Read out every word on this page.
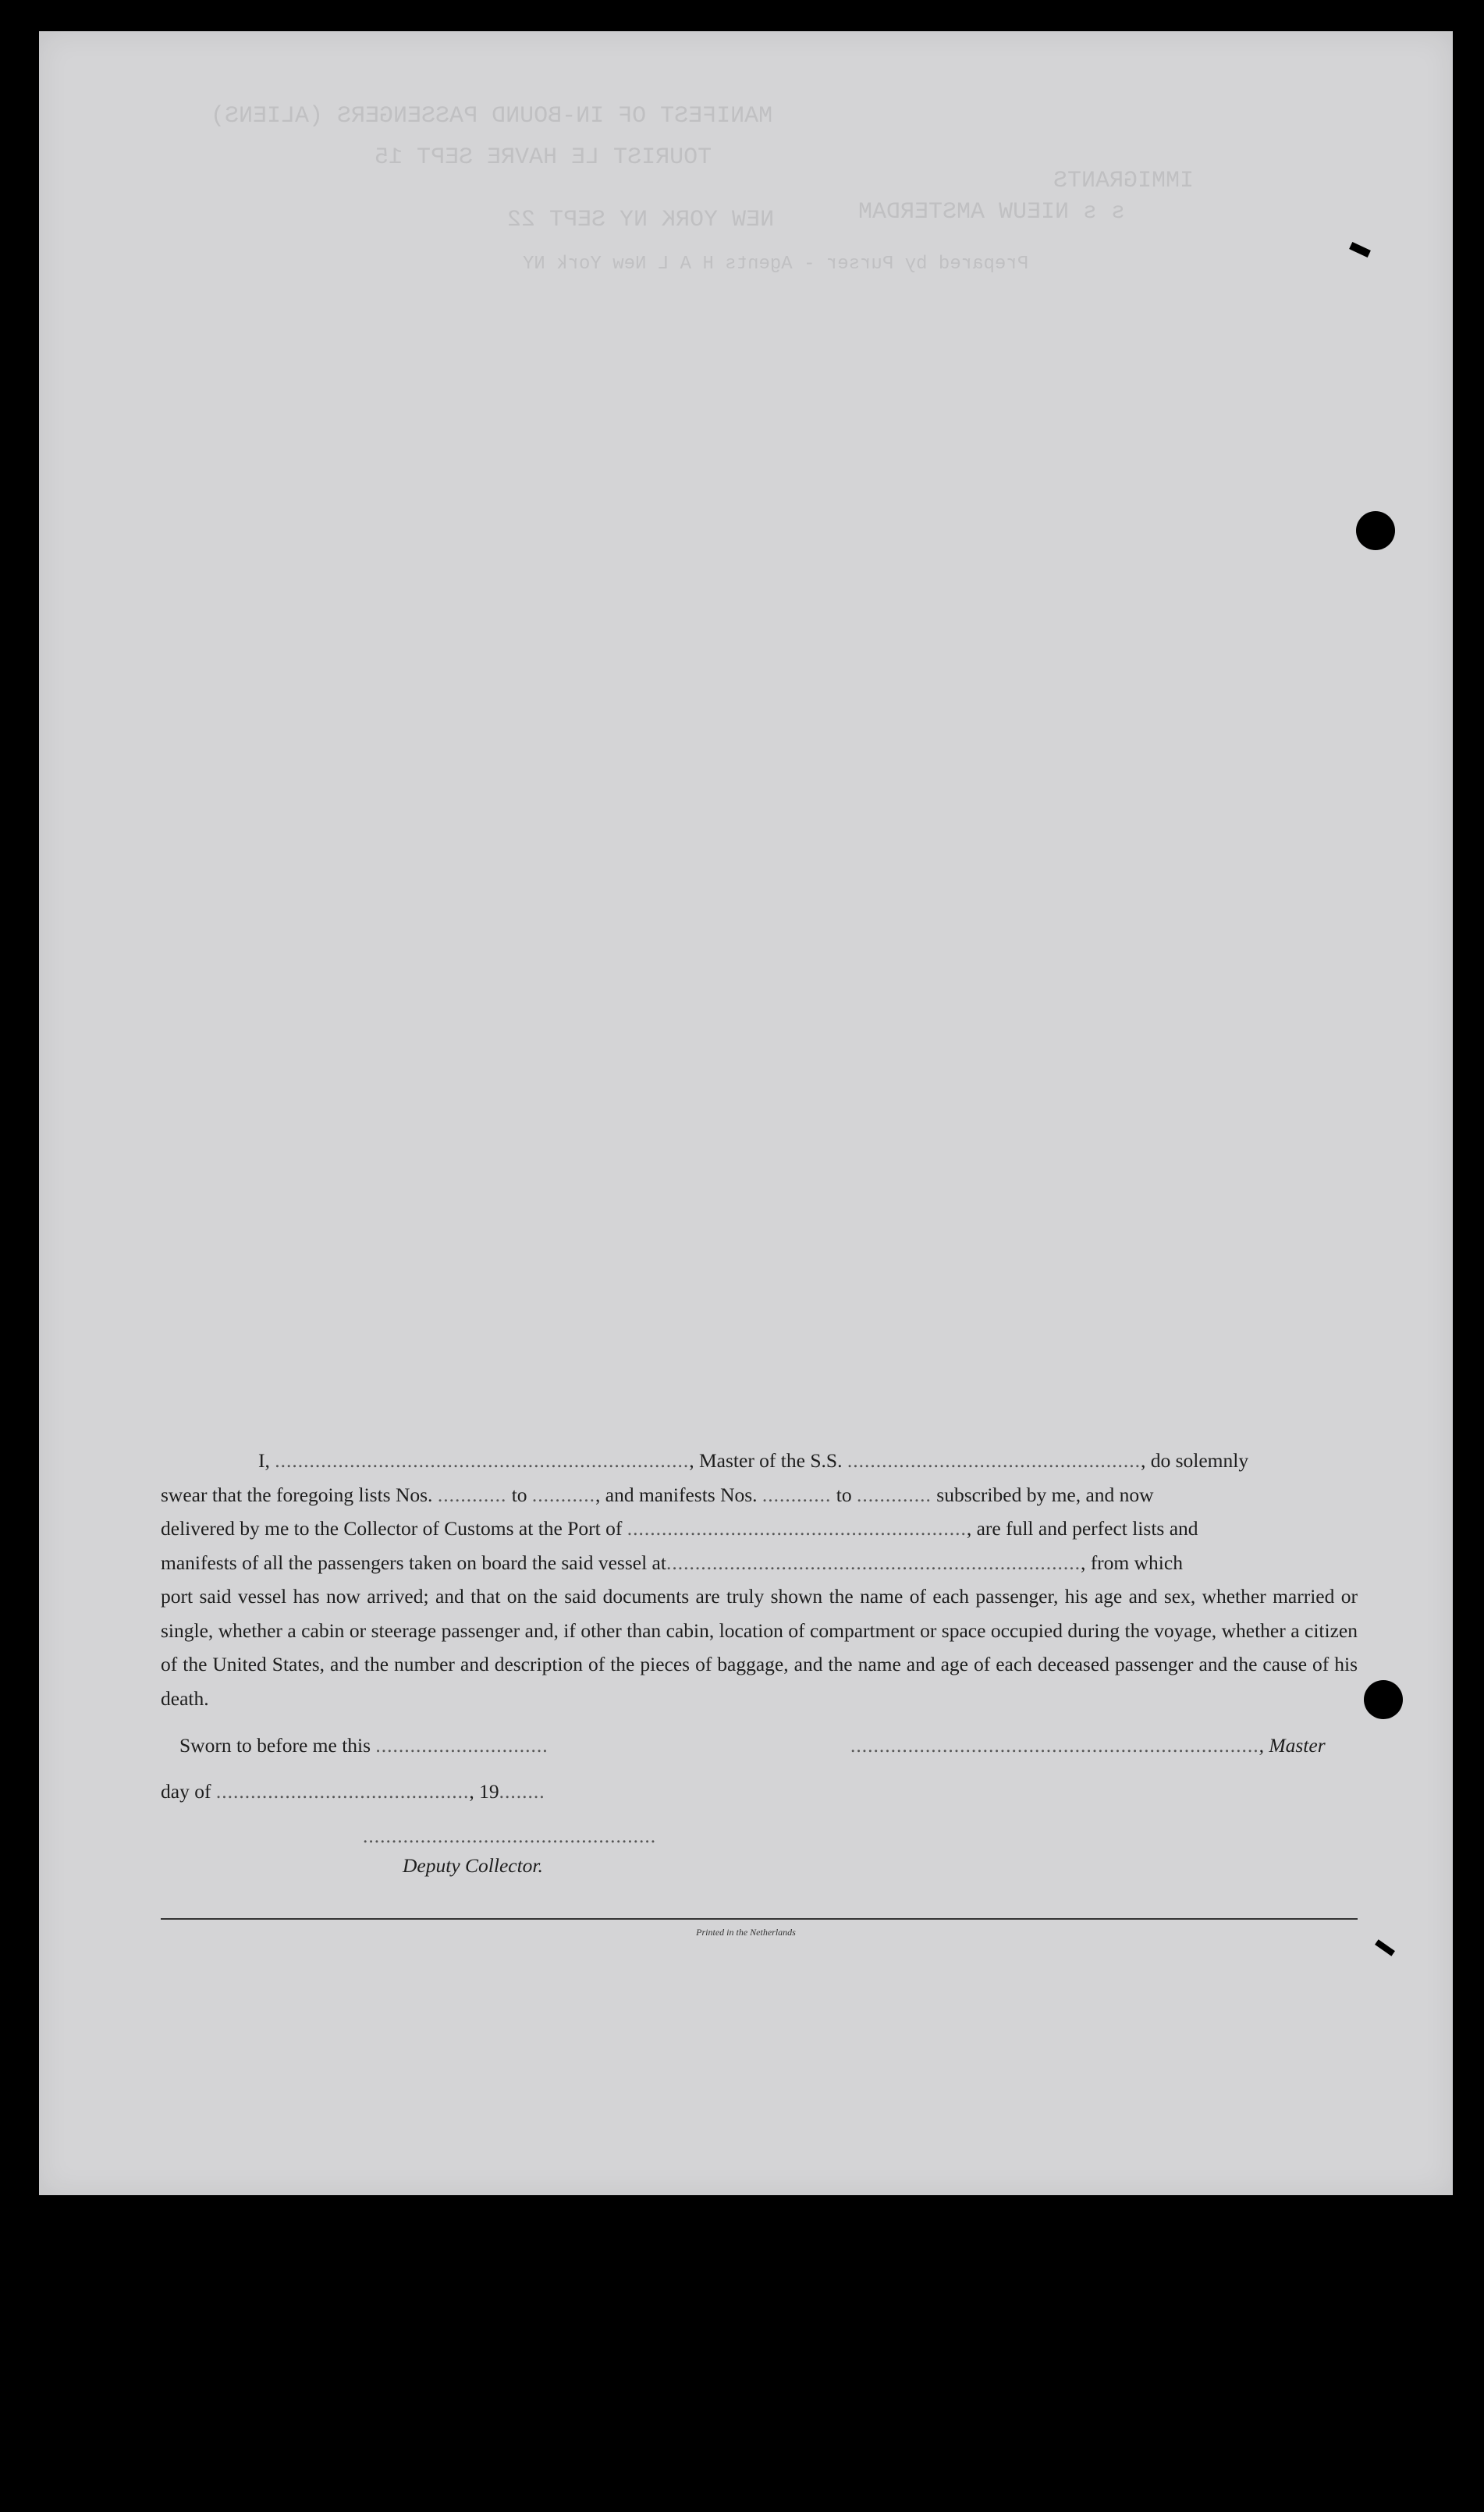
MANIFEST OF IN-BOUND PASSENGERS (ALIENS)
TOURIST LE HAVRE SEPT 15
IMMIGRANTS
s s NIEUW AMSTERDAM
NEW YORK NY SEPT 22
Prepared by Purser - Agents H A L New York NY

I, ........................................................................, Master of the S.S. ..................................................., do solemnly

swear that the foregoing lists Nos. ............ to ..........., and manifests Nos. ............ to ............. subscribed by me, and now

delivered by me to the Collector of Customs at the Port of ..........................................................., are full and perfect lists and

manifests of all the passengers taken on board the said vessel at........................................................................, from which

port said vessel has now arrived; and that on the said documents are truly shown the name of each passenger, his age and sex, whether married or single, whether a cabin or steerage passenger and, if other than cabin, location of compartment or space occupied during the voyage, whether a citizen of the United States, and the number and description of the pieces of baggage, and the name and age of each deceased passenger and the cause of his death.

Sworn to before me this ..............................	......................................................................., Master
day of ............................................, 19........
...................................................
Deputy Collector.
Printed in the Netherlands
